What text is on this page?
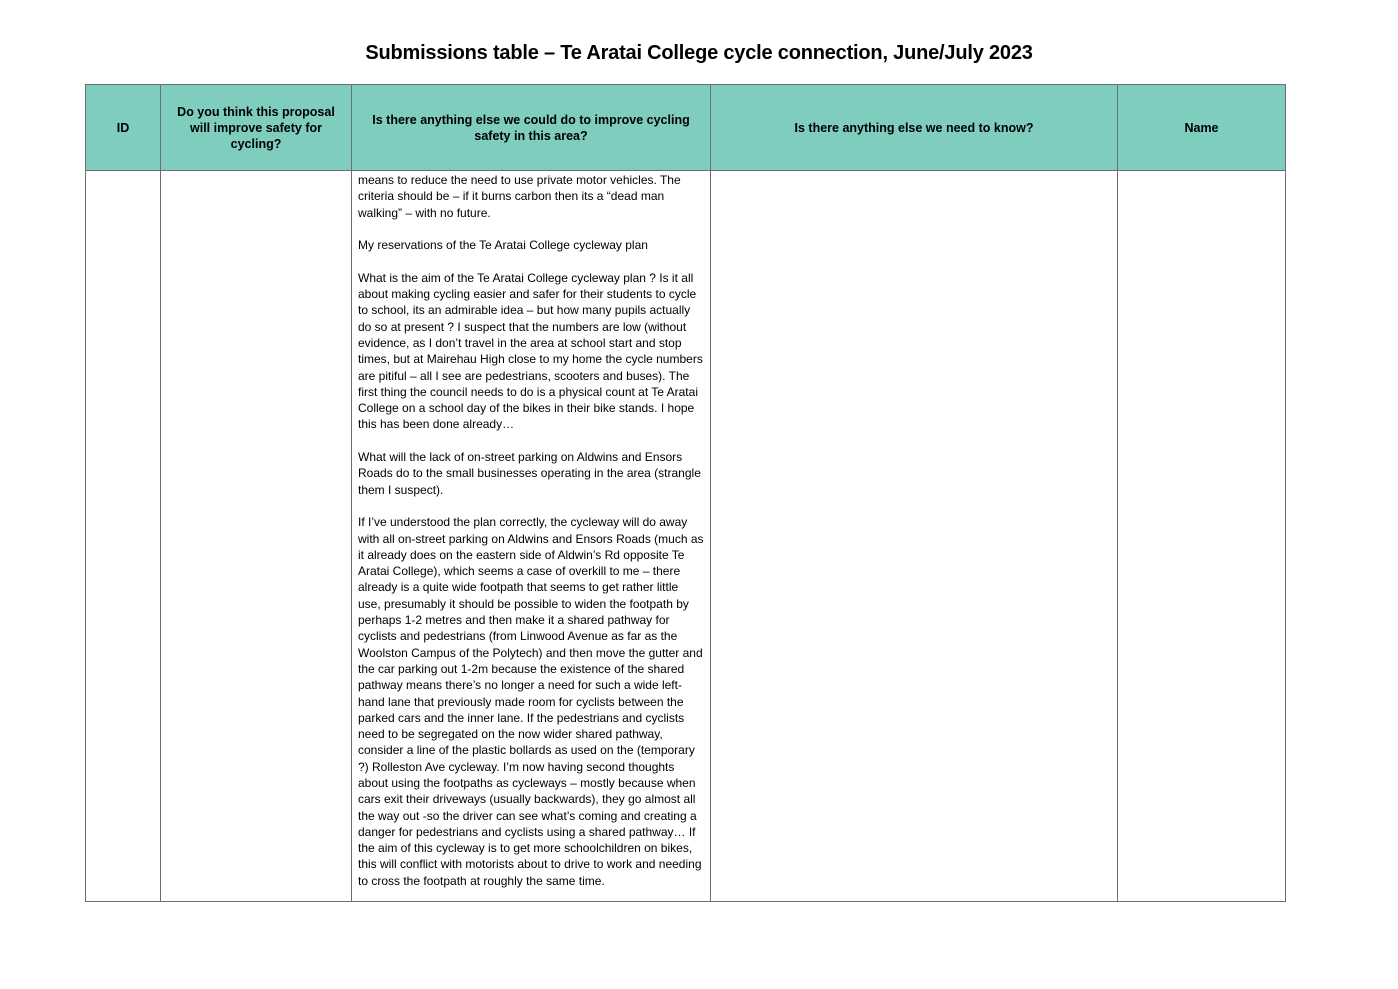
Submissions table – Te Aratai College cycle connection, June/July 2023
ID	Do you think this proposal will improve safety for cycling?	Is there anything else we could do to improve cycling safety in this area?	Is there anything else we need to know?	Name

		means to reduce the need to use private motor vehicles. The criteria should be – if it burns carbon then its a “dead man walking” – with no future.

My reservations of the Te Aratai College cycleway plan

What is the aim of the Te Aratai College cycleway plan ? Is it all about making cycling easier and safer for their students to cycle to school, its an admirable idea – but how many pupils actually do so at present ? I suspect that the numbers are low (without evidence, as I don’t travel in the area at school start and stop times, but at Mairehau High close to my home the cycle numbers are pitiful – all I see are pedestrians, scooters and buses). The first thing the council needs to do is a physical count at Te Aratai College on a school day of the bikes in their bike stands. I hope this has been done already…

What will the lack of on-street parking on Aldwins and Ensors Roads do to the small businesses operating in the area (strangle them I suspect).

If I’ve understood the plan correctly, the cycleway will do away with all on-street parking on Aldwins and Ensors Roads (much as it already does on the eastern side of Aldwin’s Rd opposite Te Aratai College), which seems a case of overkill to me – there already is a quite wide footpath that seems to get rather little use, presumably it should be possible to widen the footpath by perhaps 1-2 metres and then make it a shared pathway for cyclists and pedestrians (from Linwood Avenue as far as the Woolston Campus of the Polytech) and then move the gutter and the car parking out 1-2m because the existence of the shared pathway means there’s no longer a need for such a wide left-hand lane that previously made room for cyclists between the parked cars and the inner lane. If the pedestrians and cyclists need to be segregated on the now wider shared pathway, consider a line of the plastic bollards as used on the (temporary ?) Rolleston Ave cycleway. I’m now having second thoughts about using the footpaths as cycleways – mostly because when cars exit their driveways (usually backwards), they go almost all the way out -so the driver can see what’s coming and creating a danger for pedestrians and cyclists using a shared pathway… If the aim of this cycleway is to get more schoolchildren on bikes, this will conflict with motorists about to drive to work and needing to cross the footpath at roughly the same time.		
